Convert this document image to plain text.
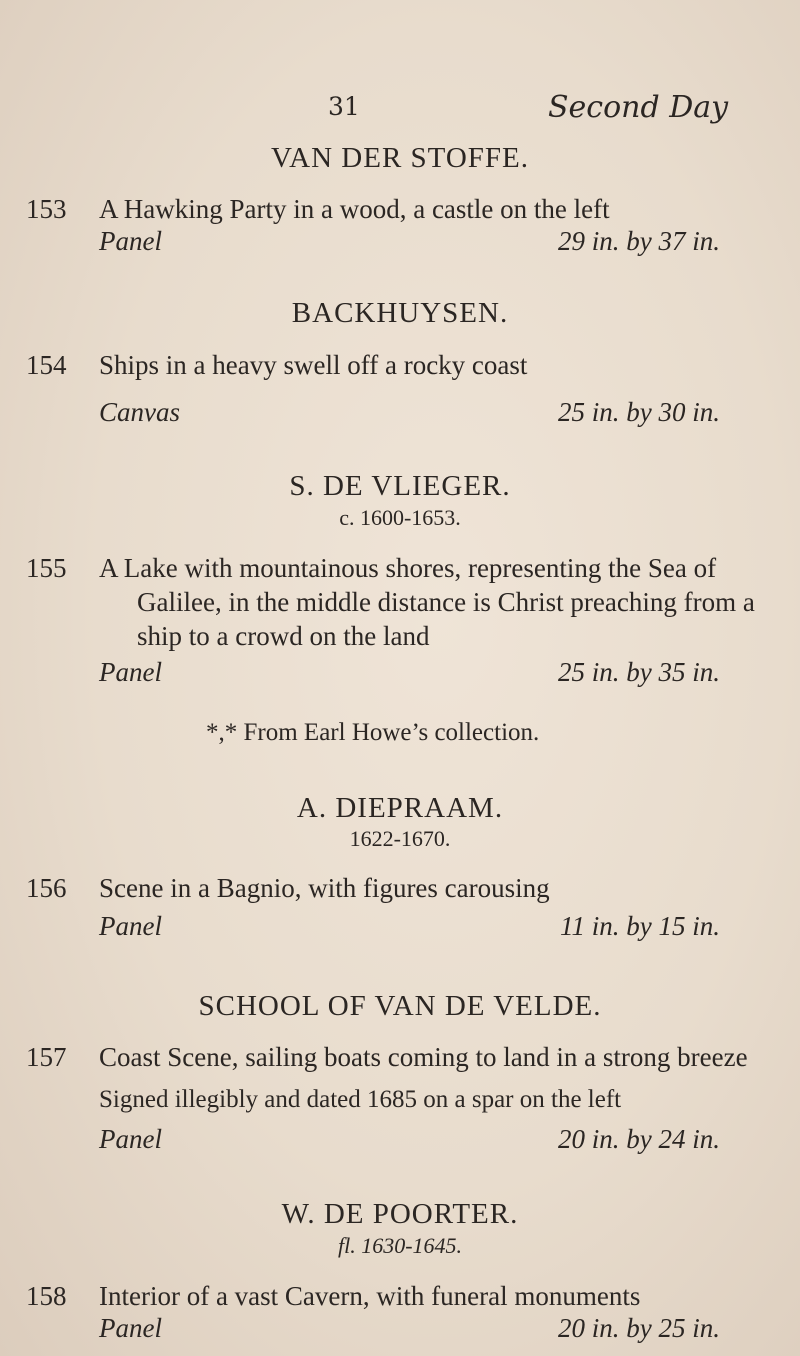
31	Second Day
VAN DER STOFFE.
153 A Hawking Party in a wood, a castle on the left
Panel	29 in. by 37 in.
BACKHUYSEN.
154 Ships in a heavy swell off a rocky coast
Canvas	25 in. by 30 in.
S. DE VLIEGER.
c. 1600-1653.
155 A Lake with mountainous shores, representing the Sea of
Galilee, in the middle distance is Christ preaching from a
ship to a crowd on the land
Panel	25 in. by 35 in.
*,* From Earl Howe’s collection.
A. DIEPRAAM.
1622-1670.
156 Scene in a Bagnio, with figures carousing
Panel	11 in. by 15 in.
SCHOOL OF VAN DE VELDE.
157 Coast Scene, sailing boats coming to land in a strong breeze
Signed illegibly and dated 1685 on a spar on the left
Panel	20 in. by 24 in.
W. DE POORTER.
fl. 1630-1645.
158 Interior of a vast Cavern, with funeral monuments
Panel	20 in. by 25 in.
